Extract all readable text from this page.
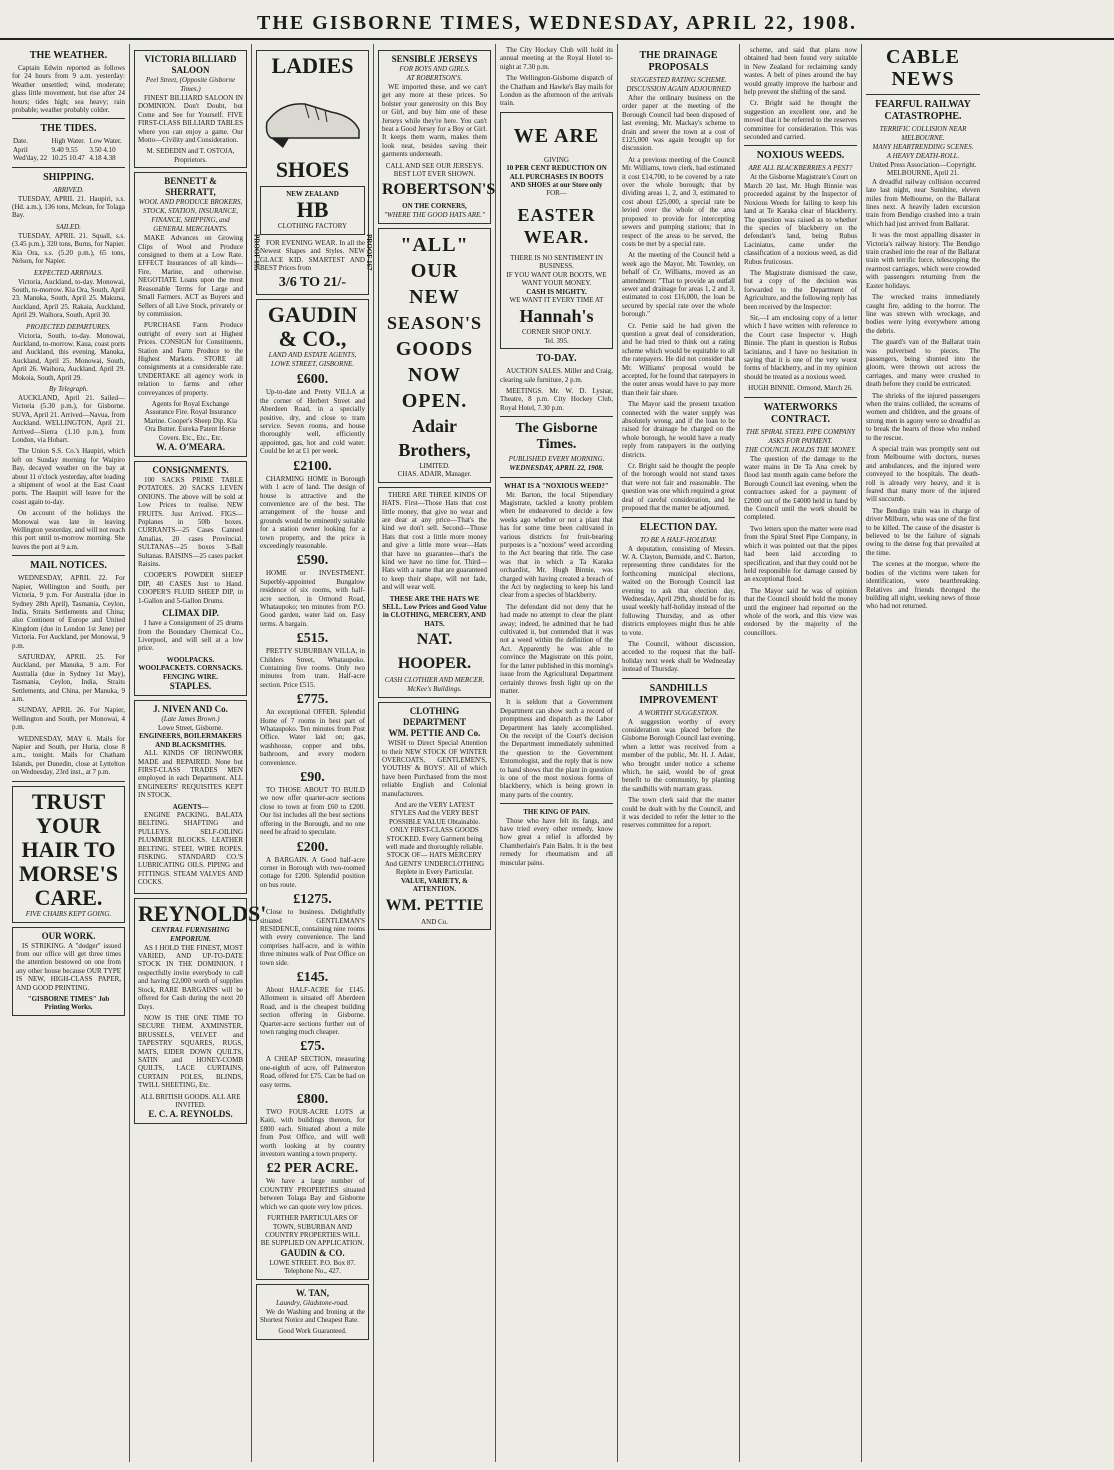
THE GISBORNE TIMES, WEDNESDAY, APRIL 22, 1908.
THE WEATHER.
Captain Edwin reported as follows for 24 hours from 9 a.m. yesterday: Weather unsettled; wind, moderate; glass little movement, but rise after 24 hours; tides high; sea heavy; rain probable; weather probably colder.
THE TIDES.
Date.	High Water.	Low Water.
April	9.40 9.55	3.50 4.10
Wed'day, 22	10.25 10.47	4.18 4.38
SHIPPING.
ARRIVED.
TUESDAY, APRIL 21. Haupiri, s.s. (Hd. a.m.), 136 tons, Mclean, for Tolaga Bay.
SAILED.
TUESDAY, APRIL 21. Squall, s.s. (3.45 p.m.), 320 tons, Burns, for Napier. Kia Ora, s.s. (5.20 p.m.), 65 tons, Nelson, for Napier.
EXPECTED ARRIVALS.
Victoria, Auckland, to-day. Monowai, South, to-morrow. Kia Ora, South, April 23. Manuka, South, April 25. Makuna, Auckland, April 25. Rakaia, Auckland, April 29. Waihora, South, April 30.
PROJECTED DEPARTURES.
Victoria, South, to-day. Monowai, Auckland, to-morrow. Kaua, coast ports and Auckland, this evening. Manuka, Auckland, April 25. Monowai, South, April 26. Waihora, Auckland, April 29. Mokoia, South, April 29.
By Telegraph.
AUCKLAND, April 21. Sailed—Victoria (5.30 p.m.), for Gisborne. SUVA, April 21. Arrived—Navua, from Auckland. WELLINGTON, April 21. Arrived—Sierra (1.10 p.m.), from London, via Hobart.
The Union S.S. Co.'s Haupiri, which left on Sunday morning for Waipiro Bay, decayed weather on the bay at about 11 o'clock yesterday, after loading a shipment of wool at the East Coast ports. The Haupiri will leave for the coast again to-day.
On account of the holidays the Monowai was late in leaving Wellington yesterday, and will not reach this port until to-morrow morning. She leaves the port at 9 a.m.
MAIL NOTICES.
WEDNESDAY, APRIL 22. For Napier, Wellington and South, per Victoria, 9 p.m. For Australia (due in Sydney 28th April), Tasmania, Ceylon, India, Straits Settlements and China; also Continent of Europe and United Kingdom (due in London 1st June) per Victoria. For Auckland, per Monowai, 9 p.m.
SATURDAY, APRIL 25. For Auckland, per Manuka, 9 a.m. For Australia (due in Sydney 1st May), Tasmania, Ceylon, India, Straits Settlements, and China, per Manuka, 9 a.m.
SUNDAY, APRIL 26. For Napier, Wellington and South, per Monowai, 4 p.m.
WEDNESDAY, MAY 6. Mails for Napier and South, per Huria, close 8 a.m., tonight. Mails for Chatham Islands, per Dunedin, close at Lyttelton on Wednesday, 23rd inst., at 7 p.m.
TRUST YOUR HAIR TO MORSE'S CARE.
FIVE CHAIRS KEPT GOING.
OUR WORK.
IS STRIKING. A "dodger" issued from our office will get three times the attention bestowed on one from any other house because OUR TYPE IS NEW, HIGH-CLASS PAPER, AND GOOD PRINTING.
"GISBORNE TIMES" Job Printing Works.
VICTORIA BILLIARD SALOON
Peel Street, (Opposite Gisborne Times.)
FINEST BILLIARD SALOON IN DOMINION. Don't Doubt, but Come and See for Yourself. FIVE FIRST-CLASS BILLIARD TABLES where you can enjoy a game. Our Motto—Civility and Consideration.
M. SEDEDIN and T. OSTOJA, Proprietors.
BENNETT & SHERRATT,
WOOL AND PRODUCE BROKERS, STOCK, STATION, INSURANCE, FINANCE, SHIPPING, and GENERAL MERCHANTS.
MAKE Advances on Growing Clips of Wool and Produce consigned to them at a Low Rate. EFFECT Insurances of all kinds—Fire, Marine, and otherwise. NEGOTIATE Loans upon the most Reasonable Terms for Large and Small Farmers. ACT as Buyers and Sellers of all Live Stock, privately or by commission.
PURCHASE Farm Produce outright of every sort at Highest Prices. CONSIGN for Constituents, Station and Farm Produce to the Highest Markets. STORE all consignments at a considerable rate. UNDERTAKE all agency work in relation to farms and other conveyances of property.
Agents for Royal Exchange Assurance Fire. Royal Insurance Marine. Cooper's Sheep Dip. Kia Ora Butter. Eureka Patent Horse Covers. Etc., Etc., Etc.
W. A. O'MEARA.
CONSIGNMENTS.
100 SACKS PRIME TABLE POTATOES. 20 SACKS LEVEN ONIONS. The above will be sold at Low Prices to realise. NEW FRUITS. Just Arrived. FIGS—Poplanes in 50lb boxes. CURRANTS—25 Cases Canned Amalias, 20 cases Provincial. SULTANAS—25 boxes 3-Ball Sultanas. RAISINS—25 cases packet Raisins.
COOPER'S POWDER SHEEP DIP, 40 CASES Just to Hand. COOPER'S FLUID SHEEP DIP, in 1-Gallon and 5-Gallon Drums.
CLIMAX DIP.
I have a Consignment of 25 drums from the Boundary Chemical Co., Liverpool, and will sell at a low price.
WOOLPACKS. WOOLPACKETS. CORNSACKS. FENCING WIRE.
STAPLES.
J. NIVEN AND Co.
(Late James Brown.)
Lowe Street, Gisborne.
ENGINEERS, BOILERMAKERS AND BLACKSMITHS.
ALL KINDS OF IRONWORK MADE and REPAIRED. None but FIRST-CLASS TRADES MEN employed in each Department. ALL ENGINEERS' REQUISITES KEPT IN STOCK.
AGENTS—
ENGINE PACKING. BALATA BELTING. SHAFTING and PULLEYS. SELF-OILING PLUMMER BLOCKS. LEATHER BELTING. STEEL WIRE ROPES. FISKING. STANDARD CO.'S LUBRICATING OILS. PIPING and FITTINGS. STEAM VALVES AND COCKS.
REYNOLDS'
CENTRAL FURNISHING EMPORIUM.
AS I HOLD THE FINEST, MOST VARIED, AND UP-TO-DATE STOCK IN THE DOMINION. I respectfully invite everybody to call and having £2,000 worth of supplies Stock, RARE BARGAINS will be offered for Cash during the next 20 Days.
NOW IS THE ONE TIME TO SECURE THEM. AXMINSTER, BRUSSELS, VELVET and TAPESTRY SQUARES, RUGS, MATS, EIDER DOWN QUILTS, SATIN and HONEY-COMB QUILTS, LACE CURTAINS, CURTAIN POLES, BLINDS, TWILL SHEETING, Etc.
ALL BRITISH GOODS. ALL ARE INVITED.
E. C. A. REYNOLDS.
LADIES
SHOES
NEW ZEALAND
HB
CLOTHING FACTORY
FOR EVENING WEAR. In all the Newest Shapes and Styles. NEW GLACE KID. SMARTEST AND BEST Prices from
3/6 TO 21/-
PROOF 195	PROOF 167
GAUDIN & CO.,
LAND AND ESTATE AGENTS, LOWE STREET, GISBORNE.
£600.
Up-to-date and Pretty VILLA at the corner of Herbert Street and Aberdeen Road, in a specially positive, dry, and close to tram service. Seven rooms, and house thoroughly well, efficiently appointed, gas, hot and cold water. Could be let at £1 per week.
£2100.
CHARMING HOME in Borough with 1 acre of land. The design of house is attractive and the convenience are of the best. The arrangement of the house and grounds would be eminently suitable for a station owner looking for a town property, and the price is exceedingly reasonable.
£590.
HOME or INVESTMENT. Superbly-appointed Bungalow residence of six rooms, with half-acre section, in Ormond Road, Whataupoko; ten minutes from P.O. Good garden, water laid on. Easy terms. A bargain.
£515.
PRETTY SUBURBAN VILLA, in Childers Street, Whataupoko. Containing five rooms. Only two minutes from tram. Half-acre section. Price £515.
£775.
An exceptional OFFER. Splendid Home of 7 rooms in best part of Whataupoko. Ten minutes from Post Office. Water laid on; gas, washhouse, copper and tubs, bathroom, and every modern convenience.
£90.
TO THOSE ABOUT TO BUILD we now offer quarter-acre sections close to town at from £60 to £200. Our list includes all the best sections offering in the Borough, and no one need be afraid to speculate.
£200.
A BARGAIN. A Good half-acre corner in Borough with two-roomed cottage for £200. Splendid position on bus route.
£1275.
Close to business. Delightfully situated GENTLEMAN'S RESIDENCE, containing nine rooms with every convenience. The land comprises half-acre, and is within three minutes walk of Post Office on town side.
£145.
About HALF-ACRE for £145. Allotment is situated off Aberdeen Road, and is the cheapest building section offering in Gisborne. Quarter-acre sections further out of town ranging much cheaper.
£75.
A CHEAP SECTION, measuring one-eighth of acre, off Palmerston Road, offered for £75. Can be had on easy terms.
£800.
TWO FOUR-ACRE LOTS at Kaiti, with buildings thereon, for £800 each. Situated about a mile from Post Office, and will well worth looking at by country investors wanting a town property.
£2 PER ACRE.
We have a large number of COUNTRY PROPERTIES situated between Tolaga Bay and Gisborne which we can quote very low prices.
FURTHER PARTICULARS OF TOWN, SUBURBAN AND COUNTRY PROPERTIES WILL BE SUPPLIED ON APPLICATION.
GAUDIN & CO.
LOWE STREET. P.O. Box 87. Telephone No., 427.
W. TAN,
Laundry, Gladstone-road.
We do Washing and Ironing at the Shortest Notice and Cheapest Rate.
Good Work Guaranteed.
SENSIBLE JERSEYS
FOR BOYS AND GIRLS.
AT ROBERTSON'S.
WE imported these, and we can't get any more at these prices. So bolster your generosity on this Boy or Girl, and buy him one of these Jerseys while they're here. You can't beat a Good Jersey for a Boy or Girl. It keeps them warm, makes them look neat, besides saving their garments underneath.
CALL AND SEE OUR JERSEYS. BEST LOT EVER SHOWN.
ROBERTSON'S
ON THE CORNERS,
"WHERE THE GOOD HATS ARE."
"ALL"
OUR
NEW
SEASON'S
GOODS
NOW
OPEN.
Adair Brothers,
LIMITED.
CHAS. ADAIR, Manager.
THERE ARE THREE KINDS OF HATS. First—Those Hats that cost little money, that give no wear and are dear at any price—That's the kind we don't sell. Second—Those Hats that cost a little more money and give a little more wear—Hats that have no guarantee—that's the kind we have no time for. Third—Hats with a name that are guaranteed to keep their shape, will not fade, and will wear well.
THESE ARE THE HATS WE SELL. Low Prices and Good Value in CLOTHING, MERCERY, AND HATS.
NAT. HOOPER.
CASH CLOTHIER AND MERCER. McKee's Buildings.
CLOTHING DEPARTMENT
WM. PETTIE AND Co.
WISH to Direct Special Attention to their NEW STOCK OF WINTER OVERCOATS, GENTLEMEN'S, YOUTHS' & BOYS'. All of which have been Purchased from the most reliable English and Colonial manufacturers.
And are the VERY LATEST STYLES And the VERY BEST POSSIBLE VALUE Obtainable. ONLY FIRST-CLASS GOODS STOCKED. Every Garment being well made and thoroughly reliable.
STOCK OF— HATS MERCERY And GENTS' UNDERCLOTHING Replete in Every Particular.
VALUE, VARIETY, & ATTENTION.
WM. PETTIE
AND Co.
The City Hockey Club will hold its annual meeting at the Royal Hotel to-night at 7.30 p.m.
The Wellington-Gisborne dispatch of the Chatham and Hawke's Bay mails for London as the afternoon of the arrivals train.
WE ARE
GIVING
10 PER CENT REDUCTION ON ALL PURCHASES IN BOOTS AND SHOES at our Store only
FOR—
EASTER WEAR.
THERE IS NO SENTIMENT IN BUSINESS.
IF YOU WANT OUR BOOTS, WE WANT YOUR MONEY.
CASH IS MIGHTY.
WE WANT IT EVERY TIME AT
Hannah's
CORNER SHOP ONLY.
Tel. 395.
TO-DAY.
AUCTION SALES. Miller and Craig, clearing sale furniture, 2 p.m.
MEETINGS. Mr. W. D. Lysnar, Theatre, 8 p.m. City Hockey Club, Royal Hotel, 7.30 p.m.
The Gisborne Times.
PUBLISHED EVERY MORNING.
WEDNESDAY, APRIL 22, 1908.
WHAT IS A "NOXIOUS WEED?"
Mr. Barton, the local Stipendiary Magistrate, tackled a knotty problem when he endeavored to decide a few weeks ago whether or not a plant that has for some time been cultivated in various districts for fruit-bearing purposes is a "noxious" weed according to the Act bearing that title. The case was that in which a Ta Karaka orchardist, Mr. Hugh Binnie, was charged with having created a breach of the Act by neglecting to keep his land clear from a species of blackberry.
The defendant did not deny that he had made no attempt to clear the plant away; indeed, he admitted that he had cultivated it, but contended that it was not a weed within the definition of the Act. Apparently he was able to convince the Magistrate on this point, for the latter published in this morning's issue from the Agricultural Department certainly throws fresh light up on the matter.
It is seldom that a Government Department can show such a record of promptness and dispatch as the Labor Department has lately accomplished. On the receipt of the Court's decision the Department immediately submitted the question to the Government Entomologist, and the reply that is now to hand shows that the plant in question is one of the most noxious forms of blackberry, which is being grown in many parts of the country.
THE KING OF PAIN.
Those who have felt its fangs, and have tried every other remedy, know how great a relief is afforded by Chamberlain's Pain Balm. It is the best remedy for rheumatism and all muscular pains.
THE DRAINAGE PROPOSALS
SUGGESTED RATING SCHEME.
DISCUSSION AGAIN ADJOURNED
After the ordinary business on the order paper at the meeting of the Borough Council had been disposed of last evening, Mr. Mackay's scheme to drain and sewer the town at a cost of £125,000 was again brought up for discussion.
At a previous meeting of the Council Mr. Williams, town clerk, had estimated it cost £14,700, to be covered by a rate over the whole borough; that by dividing areas 1, 2, and 3, estimated to cost about £25,000, a special rate be levied over the whole of the area proposed to provide for intercepting sewers and pumping stations; that in respect of the areas to be served, the costs be met by a special rate.
At the meeting of the Council held a week ago the Mayor, Mr. Townley, on behalf of Cr. Williams, moved as an amendment: "That to provide an outfall sewer and drainage for areas 1, 2 and 3, estimated to cost £16,000, the loan be secured by special rate over the whole borough."
Cr. Pettie said he had given the question a great deal of consideration, and he had tried to think out a rating scheme which would be equitable to all the ratepayers. He did not consider that Mr. Williams' proposal would be accepted, for he found that ratepayers in the outer areas would have to pay more than their fair share.
The Mayor said the present taxation connected with the water supply was absolutely wrong, and if the loan to be raised for drainage be charged on the whole borough, he would have a ready reply from ratepayers in the outlying districts.
Cr. Bright said he thought the people of the borough would not stand taxes that were not fair and reasonable. The question was one which required a great deal of careful consideration, and he proposed that the matter be adjourned.
ELECTION DAY.
TO BE A HALF-HOLIDAY.
A deputation, consisting of Messrs. W. A. Clayton, Burnside, and C. Barton, representing three candidates for the forthcoming municipal elections, waited on the Borough Council last evening to ask that election day, Wednesday, April 29th, should be for its usual weekly half-holiday instead of the following Thursday, and as other districts employees might thus be able to vote.
The Council, without discussion, acceded to the request that the half-holiday next week shall be Wednesday instead of Thursday.
SANDHILLS IMPROVEMENT
A WORTHY SUGGESTION.
A suggestion worthy of every consideration was placed before the Gisborne Borough Council last evening, when a letter was received from a member of the public, Mr. H. J. Adair, who brought under notice a scheme which, he said, would be of great benefit to the community, by planting the sandhills with marram grass.
The town clerk said that the matter could be dealt with by the Council, and it was decided to refer the letter to the reserves committee for a report.
scheme, and said that plans now obtained had been found very suitable in New Zealand for reclaiming sandy wastes. A belt of pines around the bay would greatly improve the harbour and help prevent the shifting of the sand.
Cr. Bright said he thought the suggestion an excellent one, and he moved that it be referred to the reserves committee for consideration. This was seconded and carried.
NOXIOUS WEEDS.
ARE ALL BLACKBERRIES A PEST?
At the Gisborne Magistrate's Court on March 20 last, Mr. Hugh Binnie was proceeded against by the Inspector of Noxious Weeds for failing to keep his land at Te Karaka clear of blackberry. The question was raised as to whether the species of blackberry on the defendant's land, being Rubus Laciniatus, came under the classification of a noxious weed, as did Rubus fruticosus.
The Magistrate dismissed the case, but a copy of the decision was forwarded to the Department of Agriculture, and the following reply has been received by the Inspector:
Sir,—I am enclosing copy of a letter which I have written with reference to the Court case Inspector v. Hugh Binnie. The plant in question is Rubus laciniatus, and I have no hesitation in saying that it is one of the very worst forms of blackberry, and in my opinion should be treated as a noxious weed.
HUGH BINNIE. Ormond, March 26.
WATERWORKS CONTRACT.
THE SPIRAL STEEL PIPE COMPANY ASKS FOR PAYMENT.
THE COUNCIL HOLDS THE MONEY.
The question of the damage to the water mains in De Ta Ana creek by flood last month again came before the Borough Council last evening, when the contractors asked for a payment of £2000 out of the £4000 held in hand by the Council until the work should be completed.
Two letters upon the matter were read from the Spiral Steel Pipe Company, in which it was pointed out that the pipes had been laid according to specification, and that they could not be held responsible for damage caused by an exceptional flood.
The Mayor said he was of opinion that the Council should hold the money until the engineer had reported on the whole of the work, and this view was endorsed by the majority of the councillors.
CABLE NEWS
FEARFUL RAILWAY CATASTROPHE.
TERRIFIC COLLISION NEAR MELBOURNE.
MANY HEARTRENDING SCENES.
A HEAVY DEATH-ROLL.
United Press Association—Copyright.
MELBOURNE, April 21.
A dreadful railway collision occurred late last night, near Sunshine, eleven miles from Melbourne, on the Ballarat lines next. A heavily laden excursion train from Bendigo crashed into a train which had just arrived from Ballarat.
It was the most appalling disaster in Victoria's railway history. The Bendigo train crashed into the rear of the Ballarat train with terrific force, telescoping the rearmost carriages, which were crowded with passengers returning from the Easter holidays.
The wrecked trains immediately caught fire, adding to the horror. The line was strewn with wreckage, and bodies were lying everywhere among the debris.
The guard's van of the Ballarat train was pulverised to pieces. The passengers, being shunted into the gloom, were thrown out across the carriages, and many were crushed to death before they could be extricated.
The shrieks of the injured passengers when the trains collided, the screams of women and children, and the groans of strong men in agony were so dreadful as to break the hearts of those who rushed to the rescue.
A special train was promptly sent out from Melbourne with doctors, nurses and ambulances, and the injured were conveyed to the hospitals. The death-roll is already very heavy, and it is feared that many more of the injured will succumb.
The Bendigo train was in charge of driver Milburn, who was one of the first to be killed. The cause of the disaster is believed to be the failure of signals owing to the dense fog that prevailed at the time.
The scenes at the morgue, where the bodies of the victims were taken for identification, were heartbreaking. Relatives and friends thronged the building all night, seeking news of those who had not returned.
